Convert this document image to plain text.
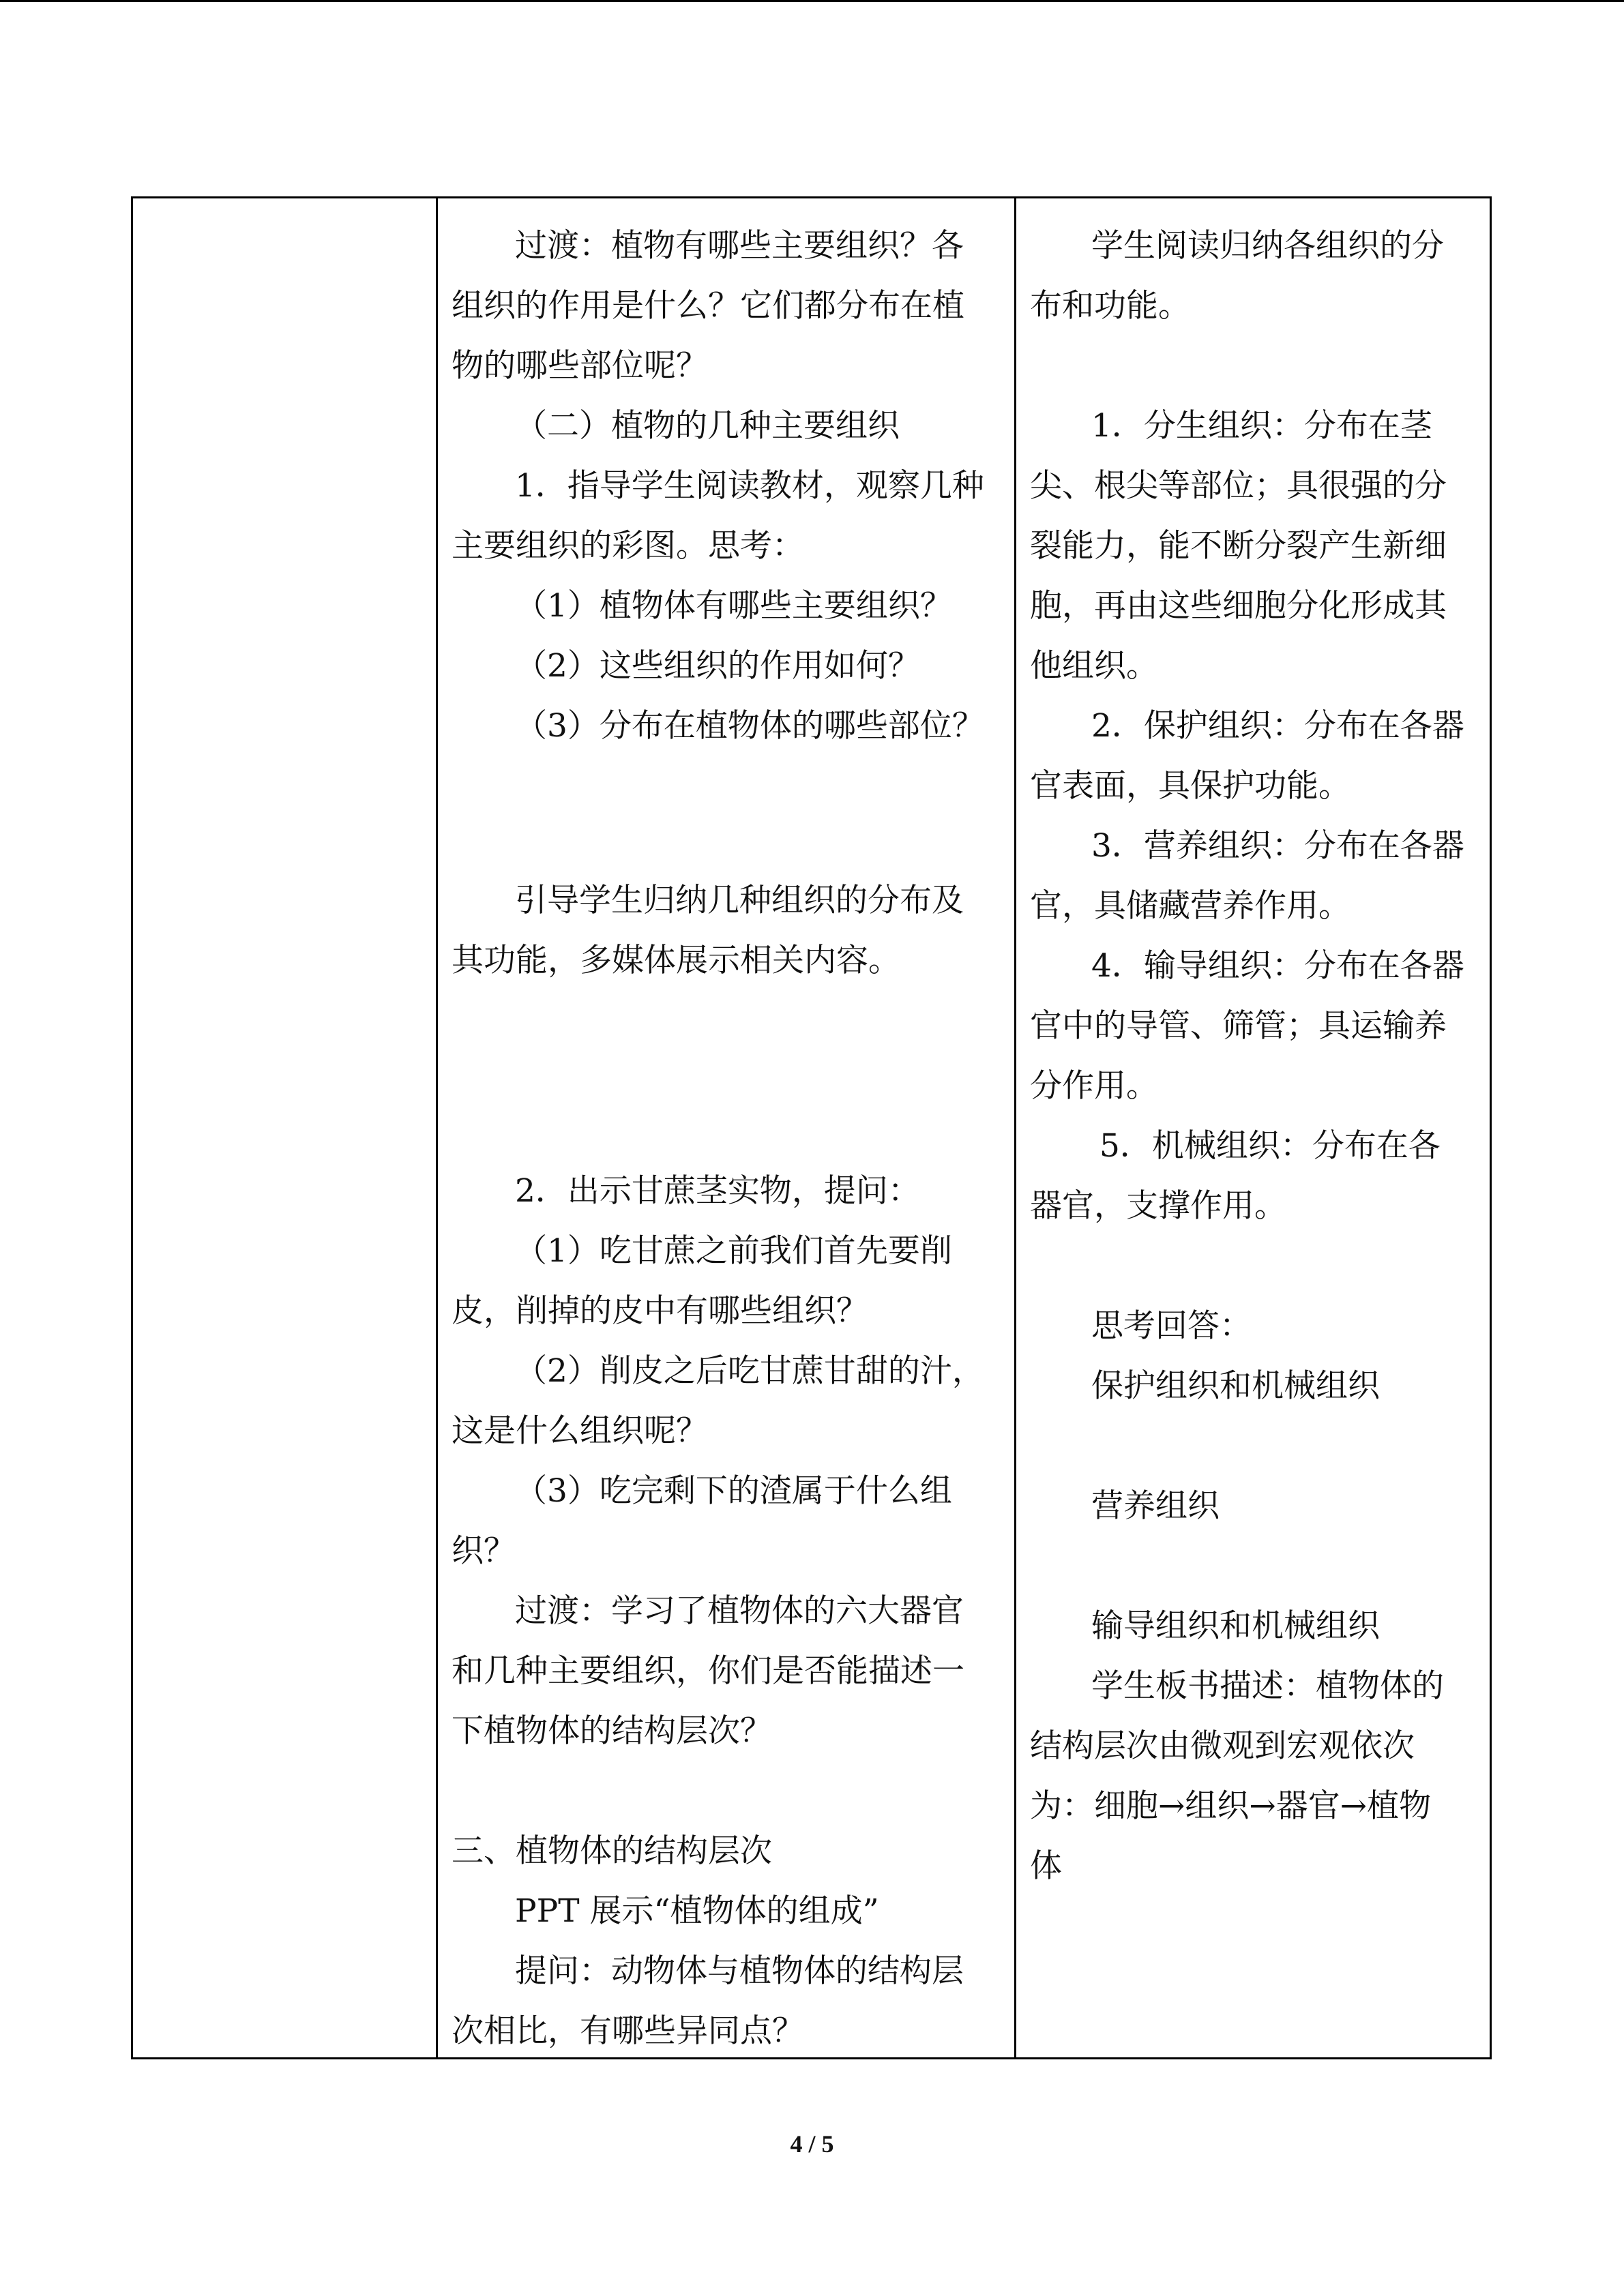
过渡：植物有哪些主要组织？各

组织的作用是什么？它们都分布在植

物的哪些部位呢？

（二）植物的几种主要组织

1．指导学生阅读教材，观察几种

主要组织的彩图。思考：

（1）植物体有哪些主要组织？

（2）这些组织的作用如何？

（3）分布在植物体的哪些部位？

引导学生归纳几种组织的分布及

其功能，多媒体展示相关内容。

2．出示甘蔗茎实物，提问：

（1）吃甘蔗之前我们首先要削

皮，削掉的皮中有哪些组织？

（2）削皮之后吃甘蔗甘甜的汁，

这是什么组织呢？

（3）吃完剩下的渣属于什么组

织？

过渡：学习了植物体的六大器官

和几种主要组织，你们是否能描述一

下植物体的结构层次？

三、植物体的结构层次

PPT 展示“植物体的组成”

提问：动物体与植物体的结构层

次相比，有哪些异同点？

学生阅读归纳各组织的分

布和功能。

1．分生组织：分布在茎

尖、根尖等部位；具很强的分

裂能力，能不断分裂产生新细

胞，再由这些细胞分化形成其

他组织。

2．保护组织：分布在各器

官表面，具保护功能。

3．营养组织：分布在各器

官，具储藏营养作用。

4．输导组织：分布在各器

官中的导管、筛管；具运输养

分作用。

5．机械组织：分布在各

器官，支撑作用。

思考回答：

保护组织和机械组织

营养组织

输导组织和机械组织

学生板书描述：植物体的

结构层次由微观到宏观依次

为：细胞→组织→器官→植物

体

4 / 5
